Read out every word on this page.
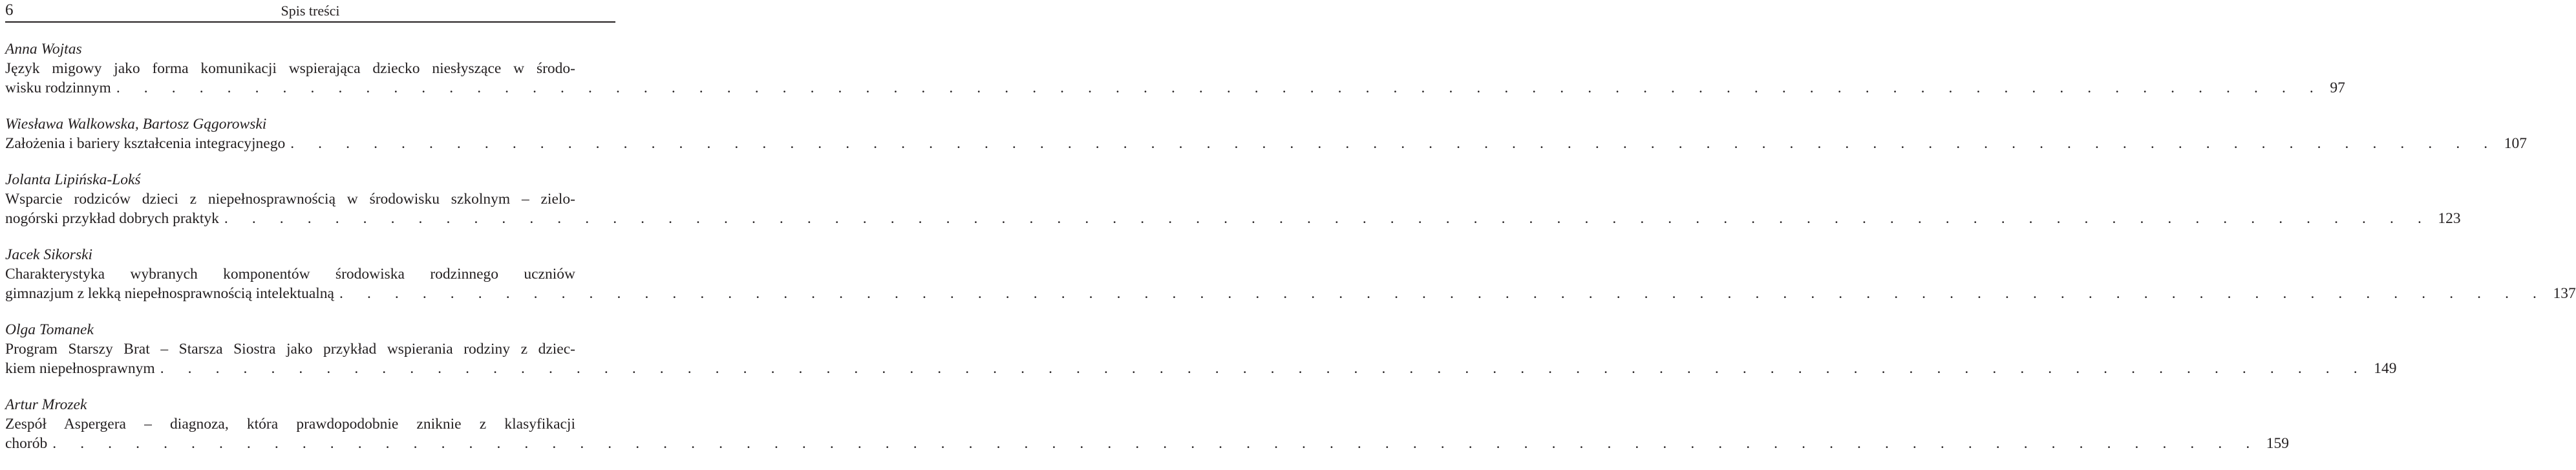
6	Spis treści
Anna Wojtas
Język migowy jako forma komunikacji wspierająca dziecko niesłyszące w środo-
wisku rodzinnym . . . . . . . . . . . . . . . . . . . . . . . . . . . . . . . . . . . . . . . . . . . . . . . . . . . . . . . . . . . . . . . . . . . . . . . . . . . . . . . . 97
Wiesława Walkowska, Bartosz Gągorowski
Założenia i bariery kształcenia integracyjnego . . . . . . . . . . . . . . . . . . . . . . . . . . . . . . . . . . . . . . . . . . . . . . . . . . . . . . . . . . . . . . . . . . . . . . . . . . . . . . . . 107
Jolanta Lipińska-Lokś
Wsparcie rodziców dzieci z niepełnosprawnością w środowisku szkolnym – zielo-
nogórski przykład dobrych praktyk . . . . . . . . . . . . . . . . . . . . . . . . . . . . . . . . . . . . . . . . . . . . . . . . . . . . . . . . . . . . . . . . . . . . . . . . . . . . . . . . 123
Jacek Sikorski
Charakterystyka wybranych komponentów środowiska rodzinnego uczniów
gimnazjum z lekką niepełnosprawnością intelektualną . . . . . . . . . . . . . . . . . . . . . . . . . . . . . . . . . . . . . . . . . . . . . . . . . . . . . . . . . . . . . . . . . . . . . . . . . . . . . . . . 137
Olga Tomanek
Program Starszy Brat – Starsza Siostra jako przykład wspierania rodziny z dziec-
kiem niepełnosprawnym . . . . . . . . . . . . . . . . . . . . . . . . . . . . . . . . . . . . . . . . . . . . . . . . . . . . . . . . . . . . . . . . . . . . . . . . . . . . . . . . 149
Artur Mrozek
Zespół Aspergera – diagnoza, która prawdopodobnie zniknie z klasyfikacji
chorób . . . . . . . . . . . . . . . . . . . . . . . . . . . . . . . . . . . . . . . . . . . . . . . . . . . . . . . . . . . . . . . . . . . . . . . . . . . . . . . . 159
